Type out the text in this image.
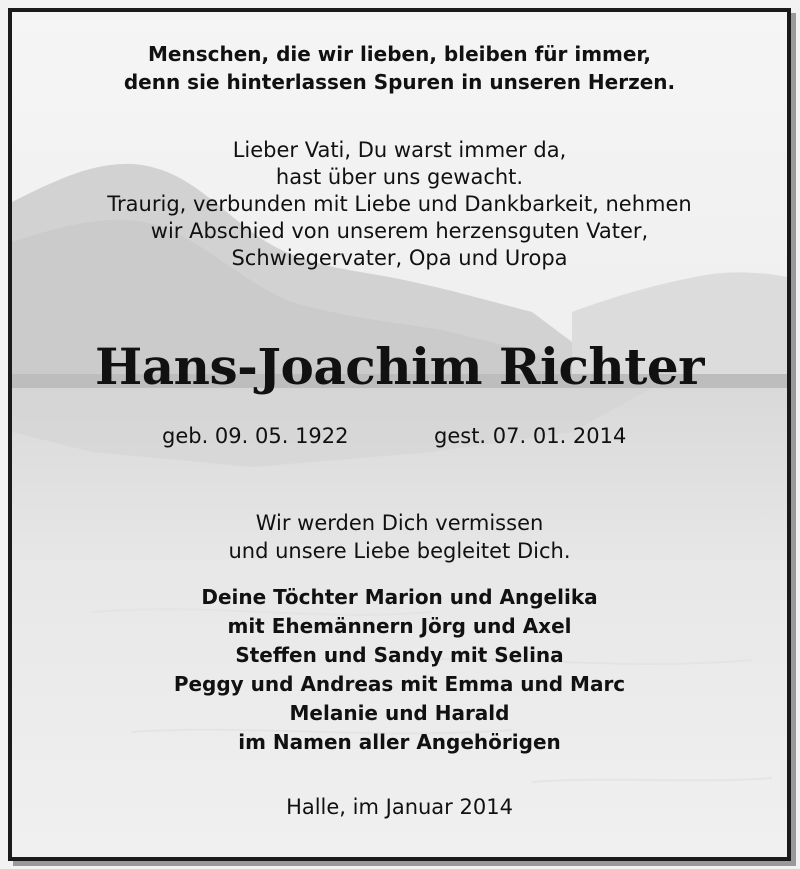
Menschen, die wir lieben, bleiben für immer,
denn sie hinterlassen Spuren in unseren Herzen.
Lieber Vati, Du warst immer da,
hast über uns gewacht.
Traurig, verbunden mit Liebe und Dankbarkeit, nehmen
wir Abschied von unserem herzensguten Vater,
Schwiegervater, Opa und Uropa
Hans-Joachim Richter
geb. 09. 05. 1922	gest. 07. 01. 2014
Wir werden Dich vermissen
und unsere Liebe begleitet Dich.
Deine Töchter Marion und Angelika
mit Ehemännern Jörg und Axel
Steffen und Sandy mit Selina
Peggy und Andreas mit Emma und Marc
Melanie und Harald
im Namen aller Angehörigen
Halle, im Januar 2014
